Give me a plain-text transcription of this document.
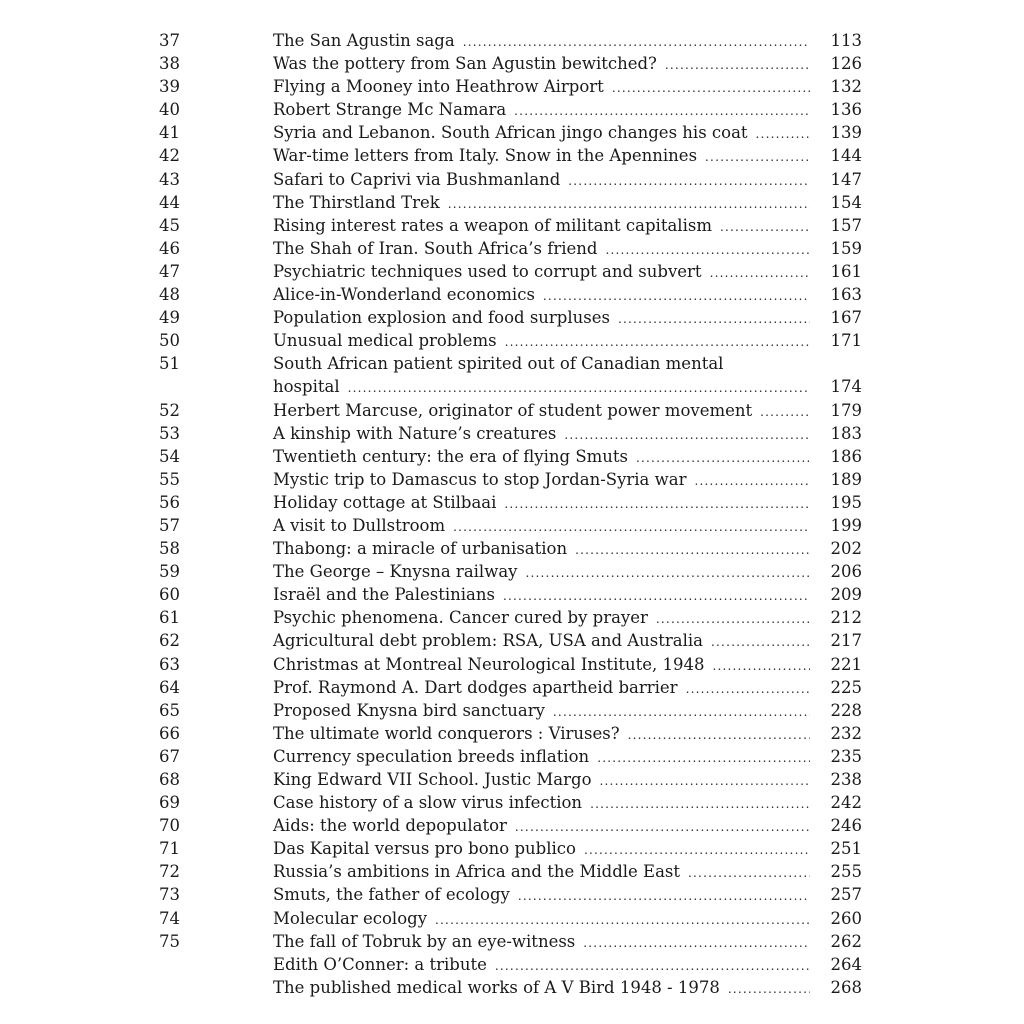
37	The San Agustin saga .....	113
38	Was the pottery from San Agustin bewitched? .....	126
39	Flying a Mooney into Heathrow Airport .....	132
40	Robert Strange Mc Namara .....	136
41	Syria and Lebanon. South African jingo changes his coat .....	139
42	War-time letters from Italy. Snow in the Apennines .....	144
43	Safari to Caprivi via Bushmanland .....	147
44	The Thirstland Trek .....	154
45	Rising interest rates a weapon of militant capitalism .....	157
46	The Shah of Iran. South Africa’s friend .....	159
47	Psychiatric techniques used to corrupt and subvert .....	161
48	Alice-in-Wonderland economics .....	163
49	Population explosion and food surpluses .....	167
50	Unusual medical problems .....	171
51	South African patient spirited out of Canadian mental
hospital .....	174
52	Herbert Marcuse, originator of student power movement .....	179
53	A kinship with Nature’s creatures .....	183
54	Twentieth century: the era of flying Smuts .....	186
55	Mystic trip to Damascus to stop Jordan-Syria war .....	189
56	Holiday cottage at Stilbaai .....	195
57	A visit to Dullstroom .....	199
58	Thabong: a miracle of urbanisation .....	202
59	The George – Knysna railway .....	206
60	Israël and the Palestinians .....	209
61	Psychic phenomena. Cancer cured by prayer .....	212
62	Agricultural debt problem: RSA, USA and Australia .....	217
63	Christmas at Montreal Neurological Institute, 1948 .....	221
64	Prof. Raymond A. Dart dodges apartheid barrier .....	225
65	Proposed Knysna bird sanctuary .....	228
66	The ultimate world conquerors : Viruses? .....	232
67	Currency speculation breeds inflation .....	235
68	King Edward VII School. Justic Margo .....	238
69	Case history of a slow virus infection .....	242
70	Aids: the world depopulator .....	246
71	Das Kapital versus pro bono publico .....	251
72	Russia’s ambitions in Africa and the Middle East .....	255
73	Smuts, the father of ecology .....	257
74	Molecular ecology .....	260
75	The fall of Tobruk by an eye-witness .....	262
Edith O’Conner: a tribute .....	264
The published medical works of A V Bird 1948 - 1978 .....	268
